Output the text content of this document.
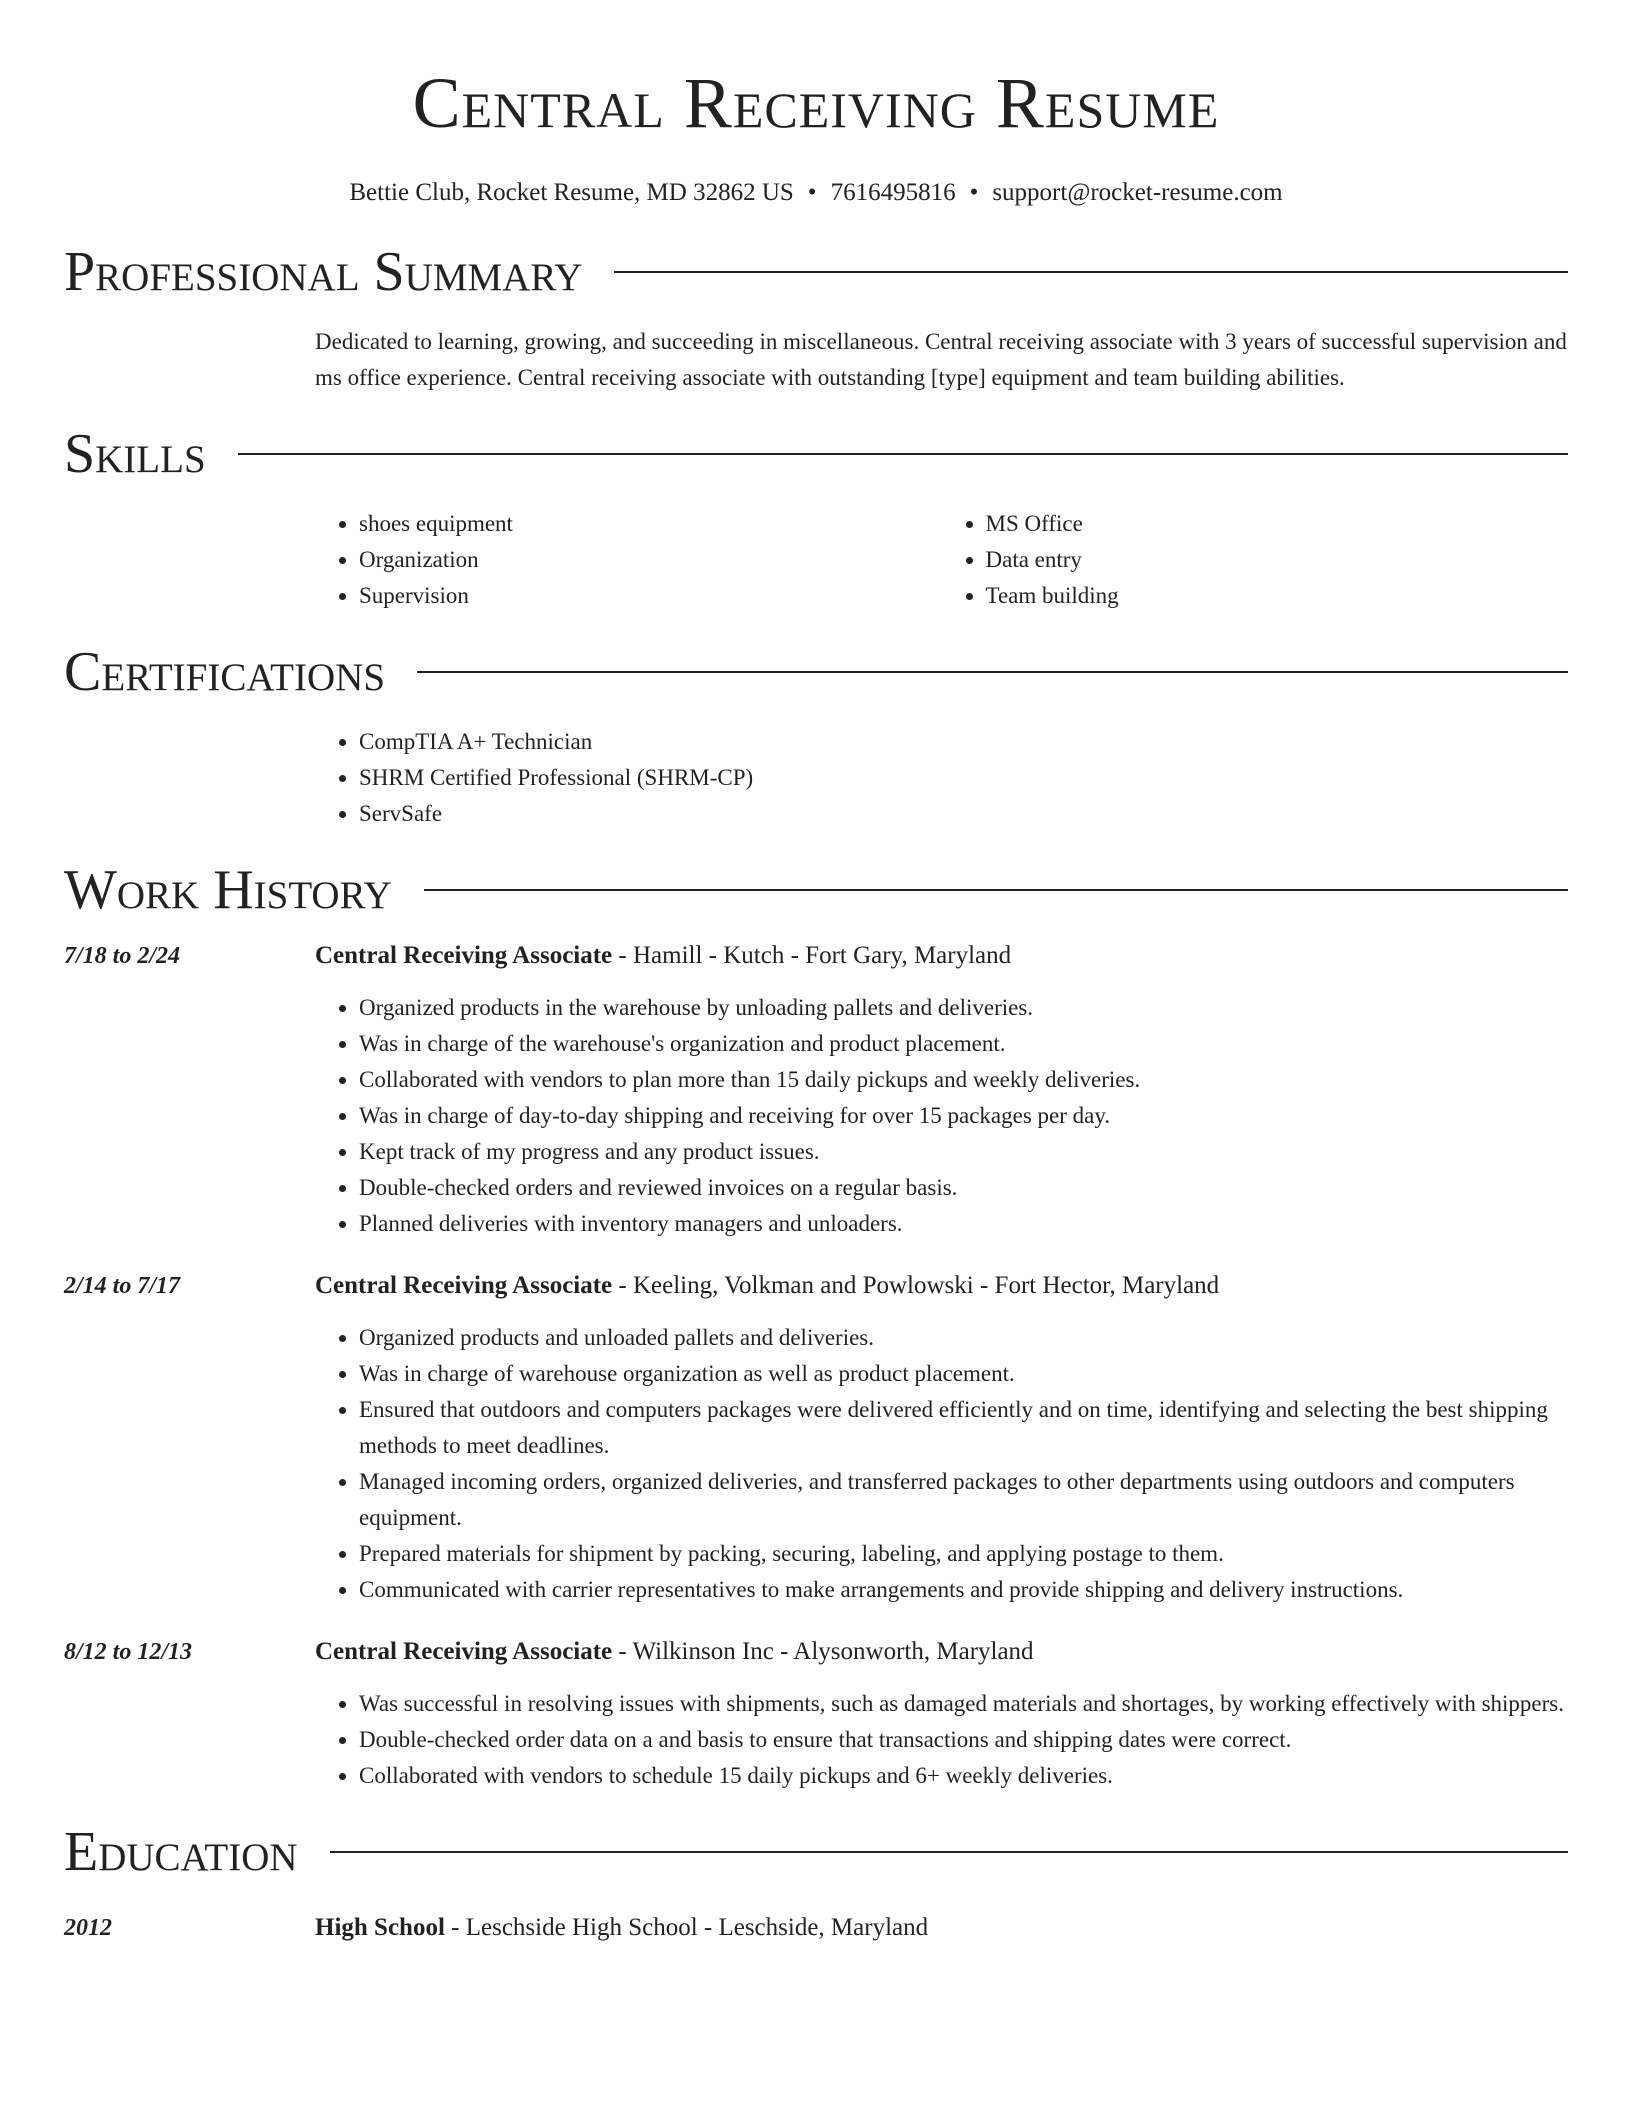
Central Receiving Resume
Bettie Club, Rocket Resume, MD 32862 US • 7616495816 • support@rocket-resume.com
Professional Summary
Dedicated to learning, growing, and succeeding in miscellaneous. Central receiving associate with 3 years of successful supervision and ms office experience. Central receiving associate with outstanding [type] equipment and team building abilities.
Skills
• shoes equipment
• Organization
• Supervision
• MS Office
• Data entry
• Team building
Certifications
• CompTIA A+ Technician
• SHRM Certified Professional (SHRM-CP)
• ServSafe
Work History
7/18 to 2/24	Central Receiving Associate - Hamill - Kutch - Fort Gary, Maryland
• Organized products in the warehouse by unloading pallets and deliveries.
• Was in charge of the warehouse's organization and product placement.
• Collaborated with vendors to plan more than 15 daily pickups and weekly deliveries.
• Was in charge of day-to-day shipping and receiving for over 15 packages per day.
• Kept track of my progress and any product issues.
• Double-checked orders and reviewed invoices on a regular basis.
• Planned deliveries with inventory managers and unloaders.
2/14 to 7/17	Central Receiving Associate - Keeling, Volkman and Powlowski - Fort Hector, Maryland
• Organized products and unloaded pallets and deliveries.
• Was in charge of warehouse organization as well as product placement.
• Ensured that outdoors and computers packages were delivered efficiently and on time, identifying and selecting the best shipping methods to meet deadlines.
• Managed incoming orders, organized deliveries, and transferred packages to other departments using outdoors and computers equipment.
• Prepared materials for shipment by packing, securing, labeling, and applying postage to them.
• Communicated with carrier representatives to make arrangements and provide shipping and delivery instructions.
8/12 to 12/13	Central Receiving Associate - Wilkinson Inc - Alysonworth, Maryland
• Was successful in resolving issues with shipments, such as damaged materials and shortages, by working effectively with shippers.
• Double-checked order data on a and basis to ensure that transactions and shipping dates were correct.
• Collaborated with vendors to schedule 15 daily pickups and 6+ weekly deliveries.
Education
2012	High School - Leschside High School - Leschside, Maryland
